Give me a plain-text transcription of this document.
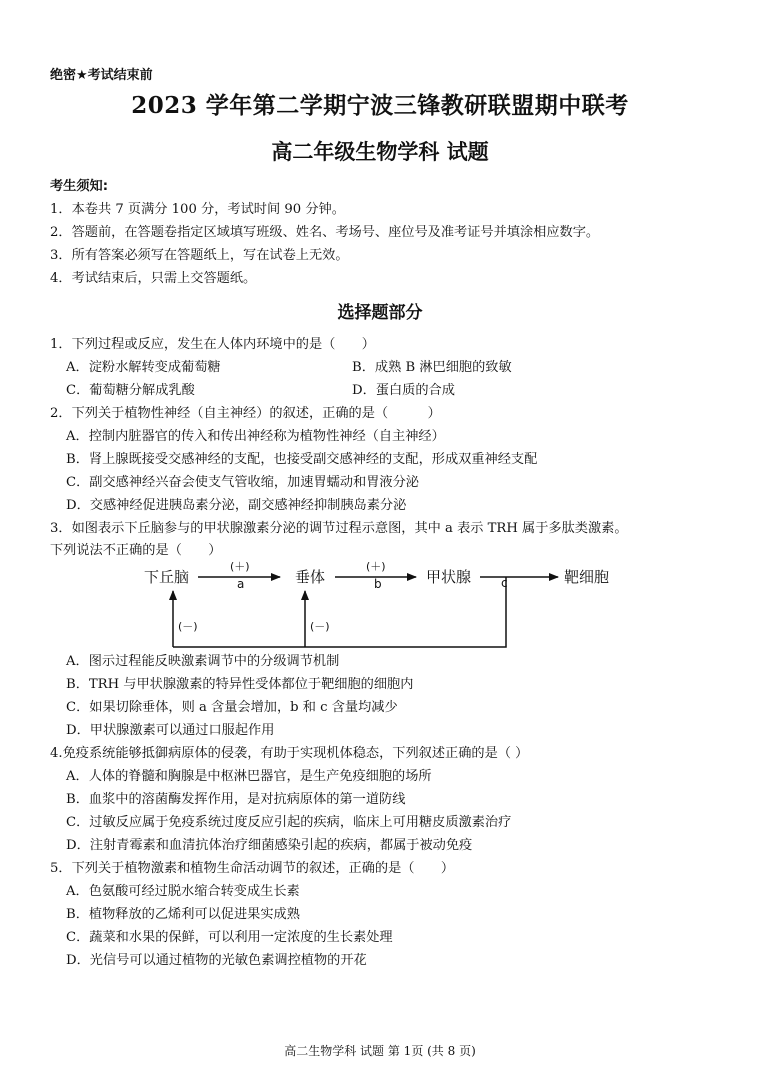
绝密★考试结束前
2023 学年第二学期宁波三锋教研联盟期中联考
高二年级生物学科 试题
考生须知:
1．本卷共 7 页满分 100 分，考试时间 90 分钟。
2．答题前，在答题卷指定区域填写班级、姓名、考场号、座位号及准考证号并填涂相应数字。
3．所有答案必须写在答题纸上，写在试卷上无效。
4．考试结束后，只需上交答题纸。
选择题部分
1．下列过程或反应，发生在人体内环境中的是（　　）
A．淀粉水解转变成葡萄糖	B．成熟 B 淋巴细胞的致敏
C．葡萄糖分解成乳酸	D．蛋白质的合成
2．下列关于植物性神经（自主神经）的叙述，正确的是（　　　）
A．控制内脏器官的传入和传出神经称为植物性神经（自主神经）
B．肾上腺既接受交感神经的支配，也接受副交感神经的支配，形成双重神经支配
C．副交感神经兴奋会使支气管收缩，加速胃蠕动和胃液分泌
D．交感神经促进胰岛素分泌，副交感神经抑制胰岛素分泌
3．如图表示下丘脑参与的甲状腺激素分泌的调节过程示意图，其中 a 表示 TRH 属于多肽类激素。
下列说法不正确的是（　　）
下丘脑	垂体	甲状腺	靶细胞
(＋)
a
(＋)
b	c
(－)	(－)
A．图示过程能反映激素调节中的分级调节机制
B．TRH 与甲状腺激素的特异性受体都位于靶细胞的细胞内
C．如果切除垂体，则 a 含量会增加，b 和 c 含量均减少
D．甲状腺激素可以通过口服起作用
4.免疫系统能够抵御病原体的侵袭，有助于实现机体稳态，下列叙述正确的是（ ）
A．人体的脊髓和胸腺是中枢淋巴器官，是生产免疫细胞的场所
B．血浆中的溶菌酶发挥作用，是对抗病原体的第一道防线
C．过敏反应属于免疫系统过度反应引起的疾病，临床上可用糖皮质激素治疗
D．注射青霉素和血清抗体治疗细菌感染引起的疾病，都属于被动免疫
5．下列关于植物激素和植物生命活动调节的叙述，正确的是（　　）
A．色氨酸可经过脱水缩合转变成生长素
B．植物释放的乙烯利可以促进果实成熟
C．蔬菜和水果的保鲜，可以利用一定浓度的生长素处理
D．光信号可以通过植物的光敏色素调控植物的开花
高二生物学科 试题 第 1页 (共 8 页)
